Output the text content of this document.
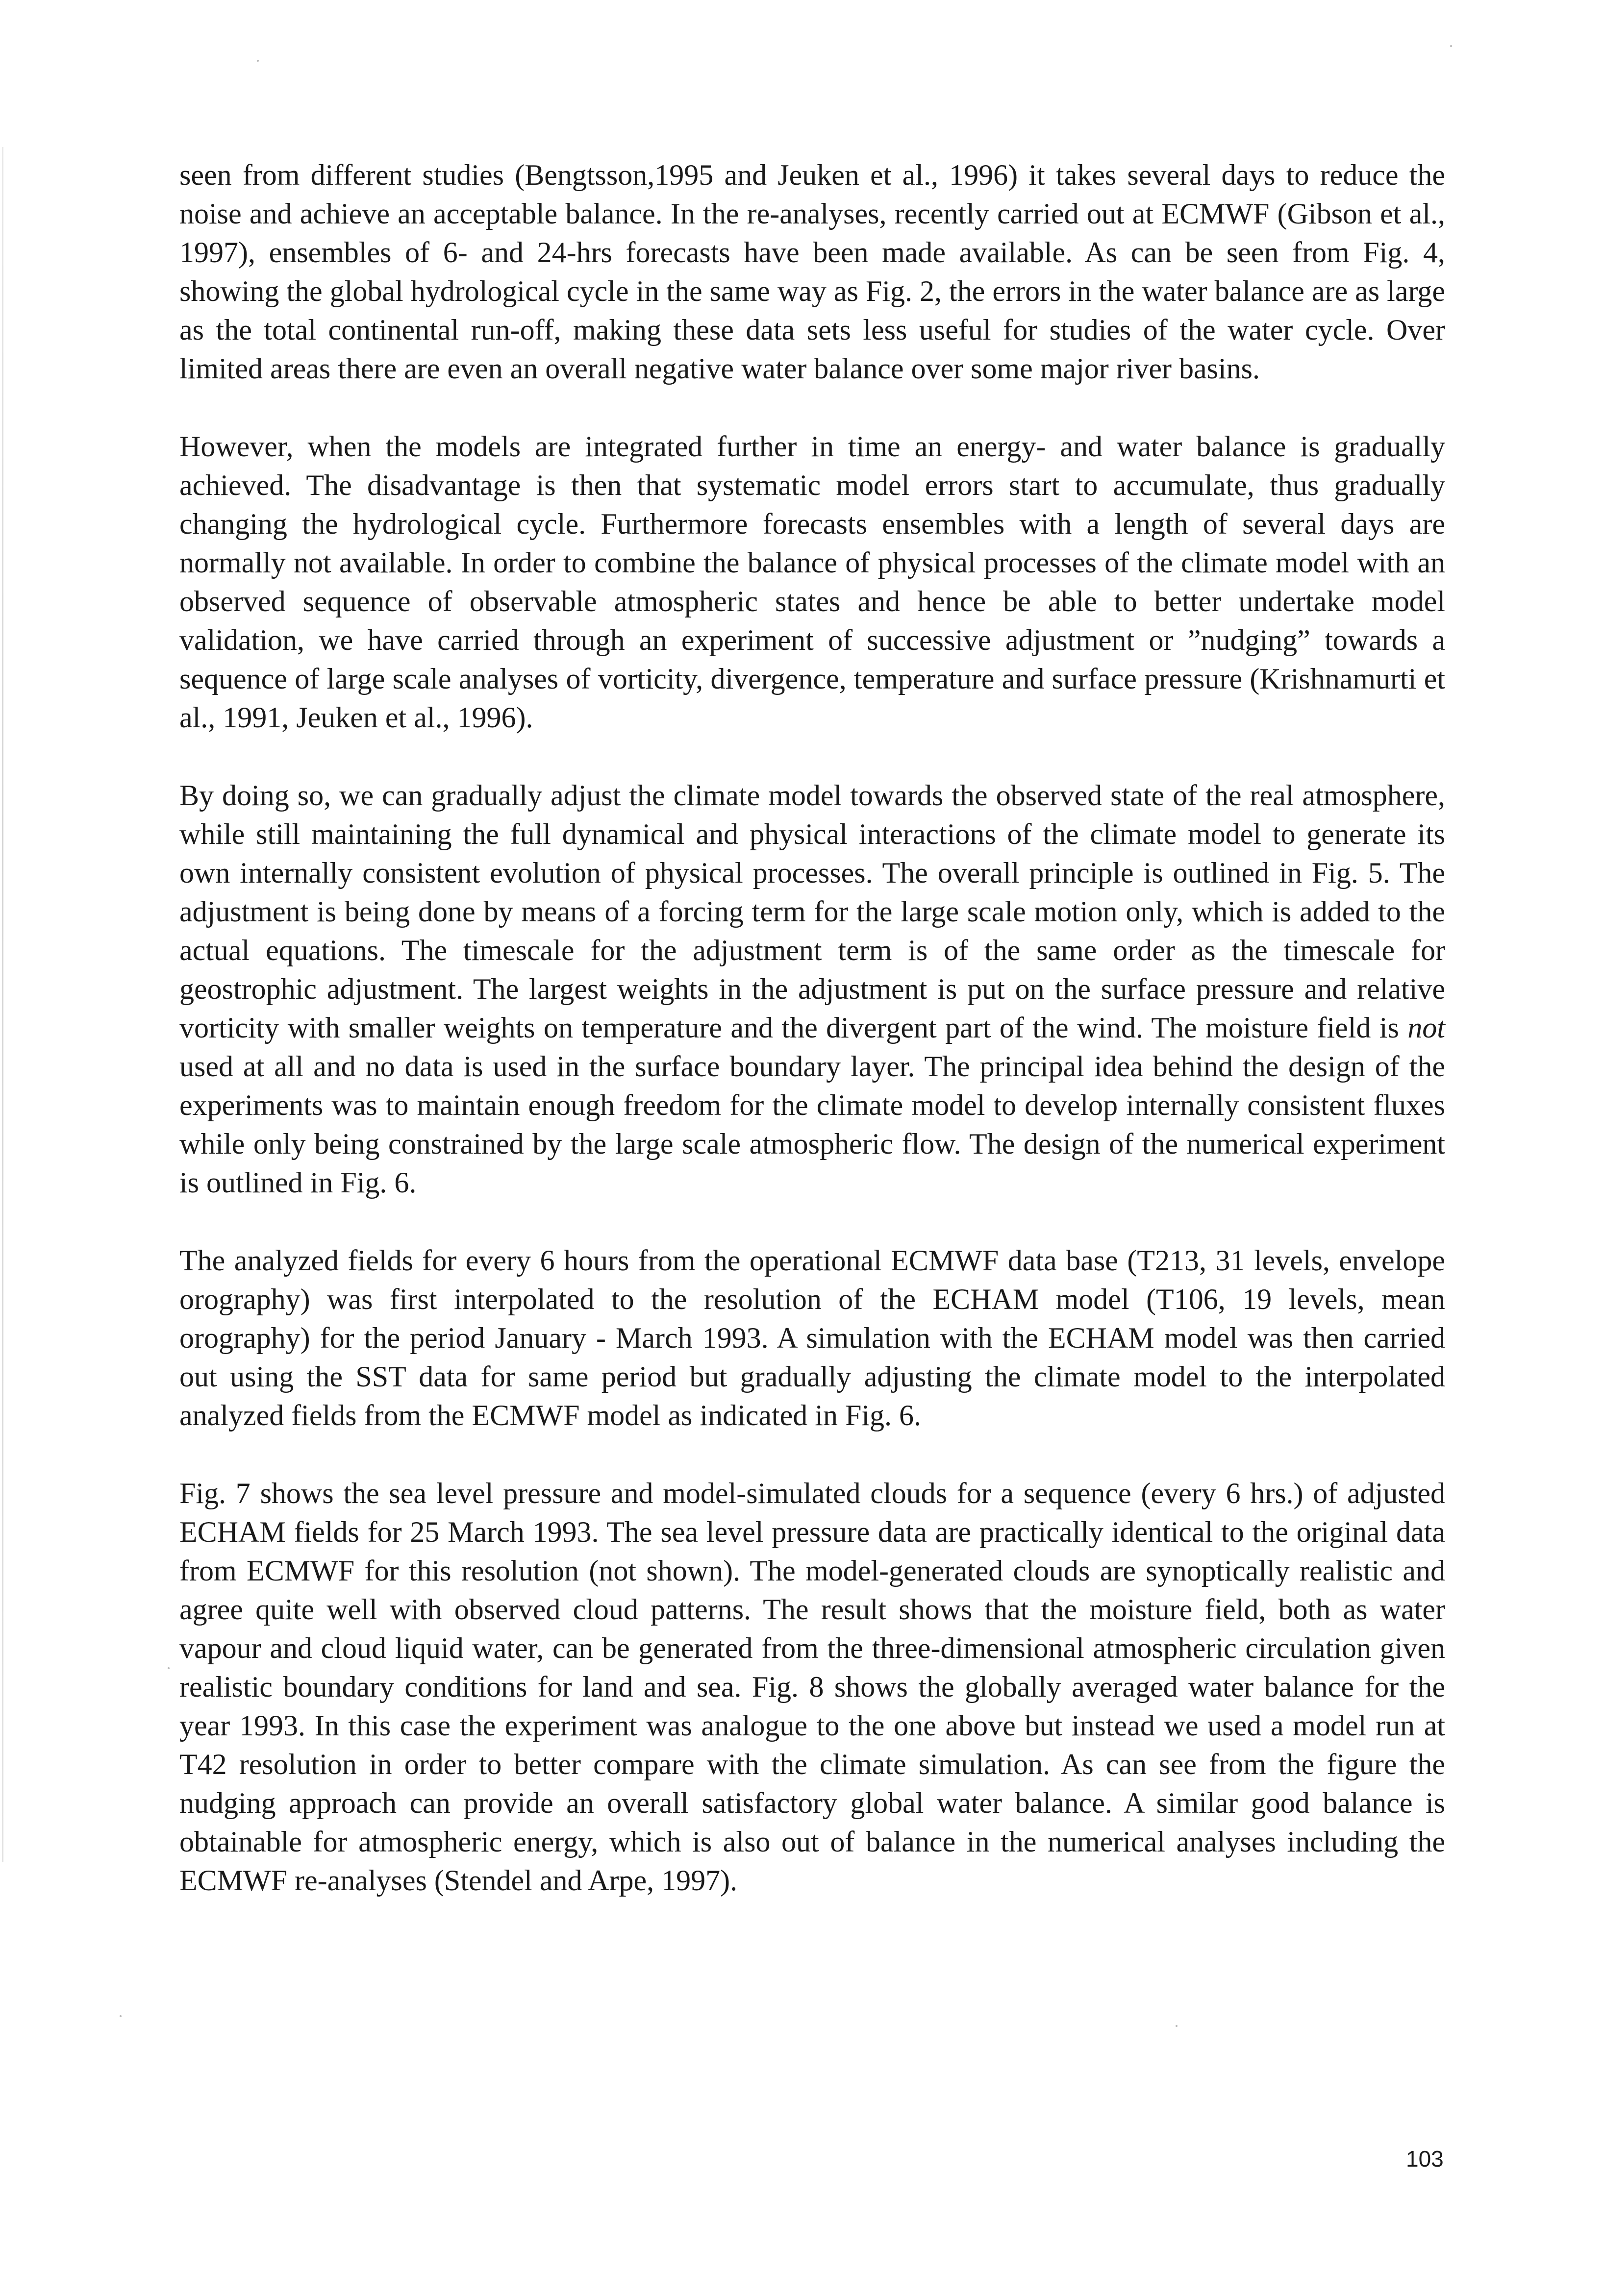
seen from different studies (Bengtsson,1995 and Jeuken et al., 1996) it takes several days to reduce the noise and achieve an acceptable balance. In the re-analyses, recently carried out at ECMWF (Gibson et al., 1997), ensembles of 6- and 24-hrs forecasts have been made available. As can be seen from Fig. 4, showing the global hydrological cycle in the same way as Fig. 2, the errors in the water balance are as large as the total continental run-off, making these data sets less useful for studies of the water cycle. Over limited areas there are even an overall negative water balance over some major river basins.

However, when the models are integrated further in time an energy- and water balance is gradually achieved. The disadvantage is then that systematic model errors start to accumulate, thus gradually changing the hydrological cycle. Furthermore forecasts ensembles with a length of several days are normally not available. In order to combine the balance of physical processes of the climate model with an observed sequence of observable atmospheric states and hence be able to better undertake model validation, we have carried through an experiment of successive adjustment or ”nudging” towards a sequence of large scale analyses of vorticity, divergence, temperature and surface pressure (Krishnamurti et al., 1991, Jeuken et al., 1996).

By doing so, we can gradually adjust the climate model towards the observed state of the real atmosphere, while still maintaining the full dynamical and physical interactions of the climate model to generate its own internally consistent evolution of physical processes. The overall principle is outlined in Fig. 5. The adjustment is being done by means of a forcing term for the large scale motion only, which is added to the actual equations. The timescale for the adjustment term is of the same order as the timescale for geostrophic adjustment. The largest weights in the adjustment is put on the surface pressure and relative vorticity with smaller weights on temperature and the divergent part of the wind. The moisture field is not used at all and no data is used in the surface boundary layer. The principal idea behind the design of the experiments was to maintain enough freedom for the climate model to develop internally consistent fluxes while only being constrained by the large scale atmospheric flow. The design of the numerical experiment is outlined in Fig. 6.

The analyzed fields for every 6 hours from the operational ECMWF data base (T213, 31 levels, envelope orography) was first interpolated to the resolution of the ECHAM model (T106, 19 levels, mean orography) for the period January - March 1993. A simulation with the ECHAM model was then carried out using the SST data for same period but gradually adjusting the climate model to the interpolated analyzed fields from the ECMWF model as indicated in Fig. 6.

Fig. 7 shows the sea level pressure and model-simulated clouds for a sequence (every 6 hrs.) of adjusted ECHAM fields for 25 March 1993. The sea level pressure data are practically identical to the original data from ECMWF for this resolution (not shown). The model-generated clouds are synoptically realistic and agree quite well with observed cloud patterns. The result shows that the moisture field, both as water vapour and cloud liquid water, can be generated from the three-dimensional atmospheric circulation given realistic boundary conditions for land and sea. Fig. 8 shows the globally averaged water balance for the year 1993. In this case the experiment was analogue to the one above but instead we used a model run at T42 resolution in order to better compare with the climate simulation. As can see from the figure the nudging approach can provide an overall satisfactory global water balance. A similar good balance is obtainable for atmospheric energy, which is also out of balance in the numerical analyses including the ECMWF re-analyses (Stendel and Arpe, 1997).

103
